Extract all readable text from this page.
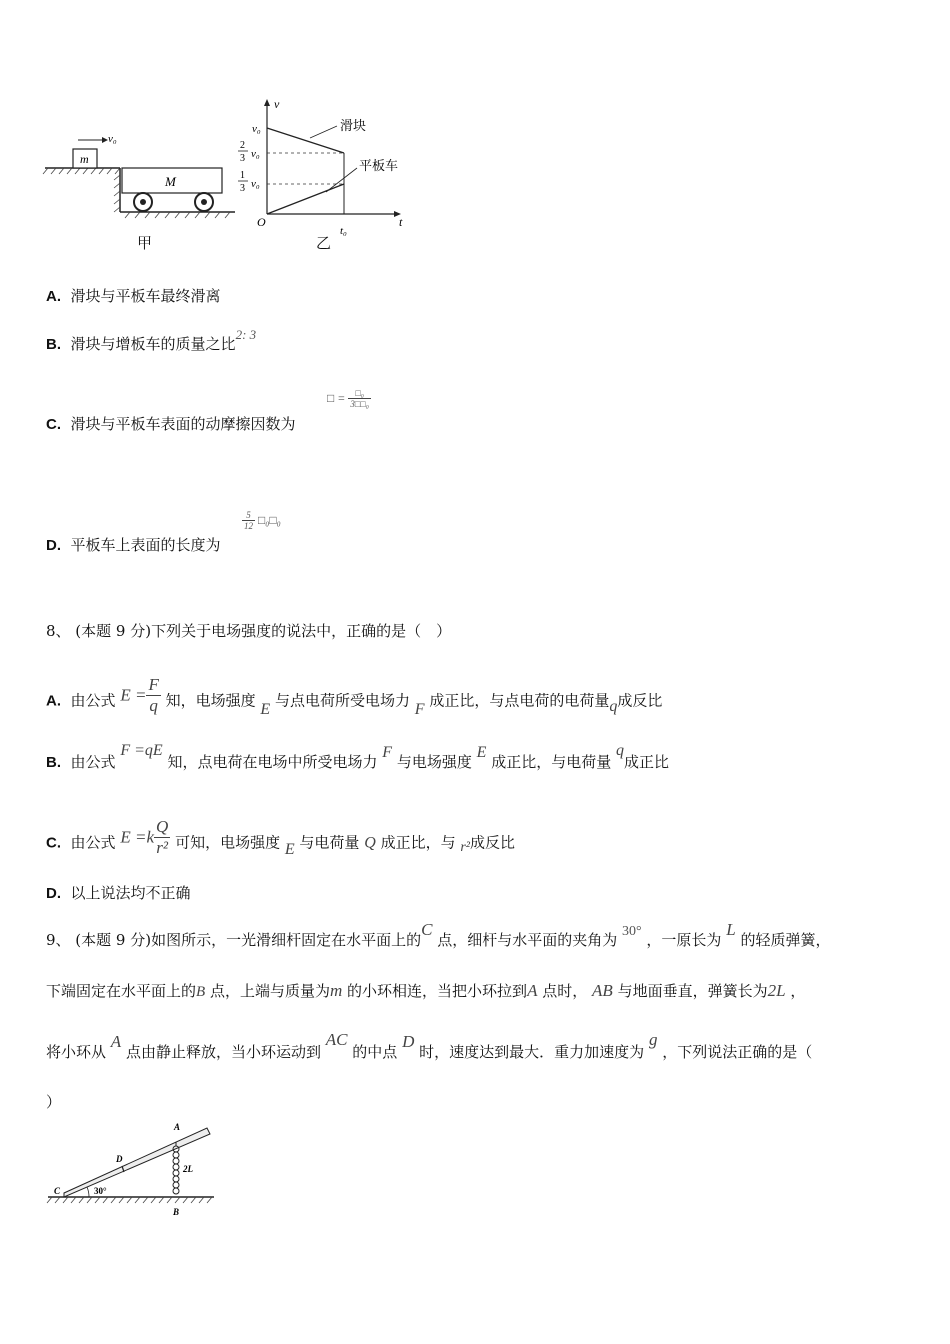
m
v₀
M
甲
v
t
O
v₀
2
3 v₀
1
3 v₀
t₀
滑块
平板车
乙
A. 滑块与平板车最终滑离
B. 滑块与增板车的质量之比2: 3
C. 滑块与平板车表面的动摩擦因数为
□ = $\frac{\text{□₀}}{\text{3□□₀}}$
D. 平板车上表面的长度为
$\frac{5}{12}$ □₀□₀
8、 (本题 9 分)下列关于电场强度的说法中，正确的是（　）
A. 由公式 $E = \frac{F}{q}$ 知，电场强度 E 与点电荷所受电场力 F 成正比，与点电荷的电荷量q成反比
B. 由公式 F =qE 知，点电荷在电场中所受电场力 F 与电场强度 E 成正比，与电荷量 q成正比
C. 由公式 $E =k \frac{Q}{\text{r²}}$ 可知，电场强度 E 与电荷量 Q 成正比，与 r²成反比
D. 以上说法均不正确
9、 (本题 9 分)如图所示，一光滑细杆固定在水平面上的C 点，细杆与水平面的夹角为 30° ，一原长为 L 的轻质弹簧，
下端固定在水平面上的B 点，上端与质量为m 的小环相连，当把小环拉到A 点时， AB 与地面垂直，弹簧长为2L ，
将小环从 A 点由静止释放，当小环运动到 AC 的中点 D 时，速度达到最大．重力加速度为 g ，下列说法正确的是（
）
30°
A
B
C
D
2L
